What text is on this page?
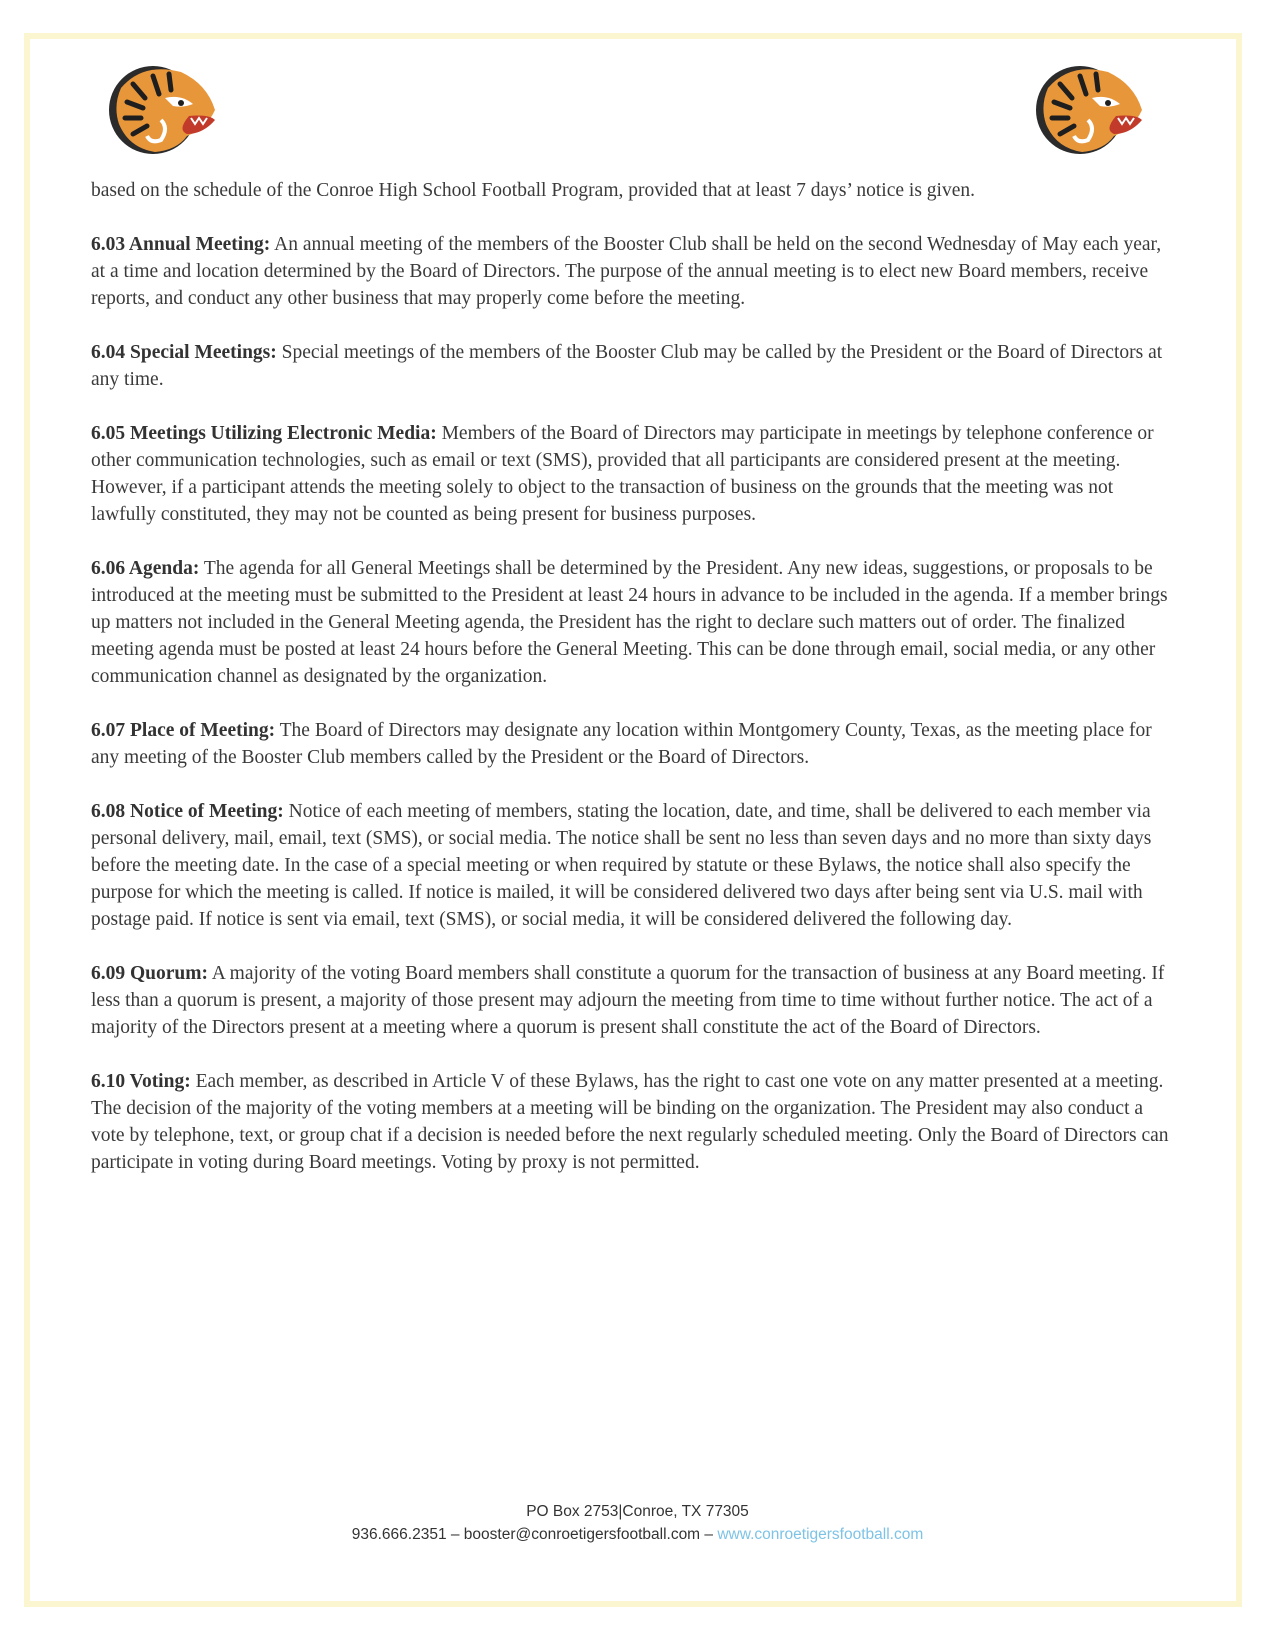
based on the schedule of the Conroe High School Football Program, provided that at least 7 days’ notice is given.

6.03 Annual Meeting: An annual meeting of the members of the Booster Club shall be held on the second Wednesday of May each year, at a time and location determined by the Board of Directors. The purpose of the annual meeting is to elect new Board members, receive reports, and conduct any other business that may properly come before the meeting.

6.04 Special Meetings: Special meetings of the members of the Booster Club may be called by the President or the Board of Directors at any time.

6.05 Meetings Utilizing Electronic Media: Members of the Board of Directors may participate in meetings by telephone conference or other communication technologies, such as email or text (SMS), provided that all participants are considered present at the meeting. However, if a participant attends the meeting solely to object to the transaction of business on the grounds that the meeting was not lawfully constituted, they may not be counted as being present for business purposes.

6.06 Agenda: The agenda for all General Meetings shall be determined by the President. Any new ideas, suggestions, or proposals to be introduced at the meeting must be submitted to the President at least 24 hours in advance to be included in the agenda. If a member brings up matters not included in the General Meeting agenda, the President has the right to declare such matters out of order. The finalized meeting agenda must be posted at least 24 hours before the General Meeting. This can be done through email, social media, or any other communication channel as designated by the organization.

6.07 Place of Meeting: The Board of Directors may designate any location within Montgomery County, Texas, as the meeting place for any meeting of the Booster Club members called by the President or the Board of Directors.

6.08 Notice of Meeting: Notice of each meeting of members, stating the location, date, and time, shall be delivered to each member via personal delivery, mail, email, text (SMS), or social media. The notice shall be sent no less than seven days and no more than sixty days before the meeting date. In the case of a special meeting or when required by statute or these Bylaws, the notice shall also specify the purpose for which the meeting is called. If notice is mailed, it will be considered delivered two days after being sent via U.S. mail with postage paid. If notice is sent via email, text (SMS), or social media, it will be considered delivered the following day.

6.09 Quorum: A majority of the voting Board members shall constitute a quorum for the transaction of business at any Board meeting. If less than a quorum is present, a majority of those present may adjourn the meeting from time to time without further notice. The act of a majority of the Directors present at a meeting where a quorum is present shall constitute the act of the Board of Directors.

6.10 Voting: Each member, as described in Article V of these Bylaws, has the right to cast one vote on any matter presented at a meeting. The decision of the majority of the voting members at a meeting will be binding on the organization. The President may also conduct a vote by telephone, text, or group chat if a decision is needed before the next regularly scheduled meeting. Only the Board of Directors can participate in voting during Board meetings. Voting by proxy is not permitted.

PO Box 2753|Conroe, TX 77305
936.666.2351 – booster@conroetigersfootball.com – www.conroetigersfootball.com
